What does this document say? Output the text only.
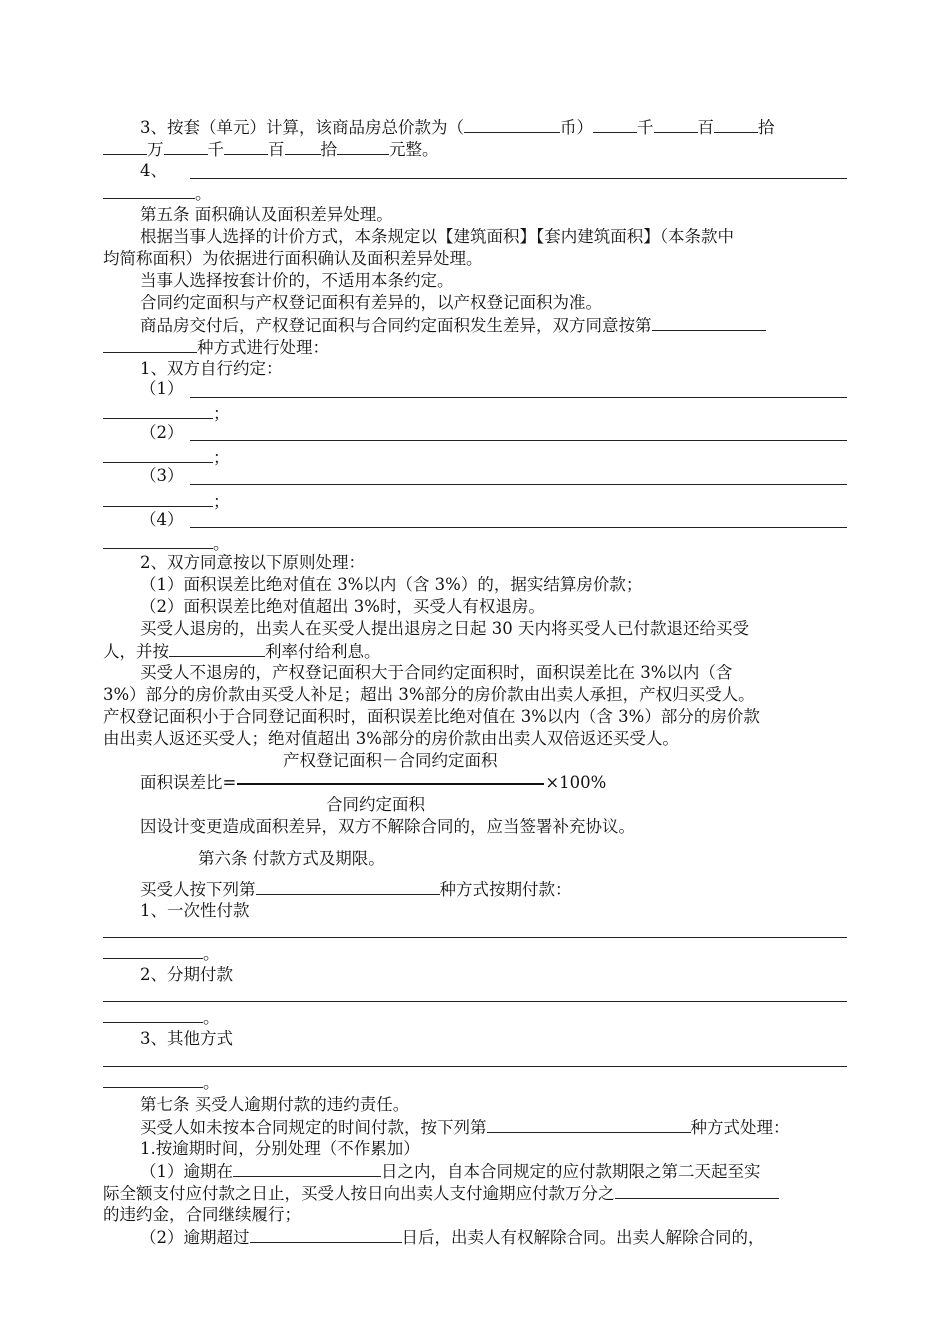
3、按套（单元）计算，该商品房总价款为（	币）	千	百	拾
万	千	百 拾	元整。
4、
。
第五条 面积确认及面积差异处理。
根据当事人选择的计价方式，本条规定以【建筑面积】【套内建筑面积】（本条款中
均简称面积）为依据进行面积确认及面积差异处理。
当事人选择按套计价的，不适用本条约定。
合同约定面积与产权登记面积有差异的，以产权登记面积为准。
商品房交付后，产权登记面积与合同约定面积发生差异，双方同意按第
种方式进行处理：
1、双方自行约定：
（1）
；
（2）
；
（3）
；
（4）
。
2、双方同意按以下原则处理：
（1）面积误差比绝对值在 3%以内（含 3%）的，据实结算房价款；
（2）面积误差比绝对值超出 3%时，买受人有权退房。
买受人退房的，出卖人在买受人提出退房之日起 30 天内将买受人已付款退还给买受
人，并按	利率付给利息。
买受人不退房的，产权登记面积大于合同约定面积时，面积误差比在 3%以内（含
3%）部分的房价款由买受人补足；超出 3%部分的房价款由出卖人承担，产权归买受人。
产权登记面积小于合同登记面积时，面积误差比绝对值在 3%以内（含 3%）部分的房价款
由出卖人返还买受人；绝对值超出 3%部分的房价款由出卖人双倍返还买受人。
产权登记面积－合同约定面积
面积误差比=	×100%
合同约定面积
因设计变更造成面积差异，双方不解除合同的，应当签署补充协议。
第六条 付款方式及期限。
买受人按下列第	种方式按期付款：
1、一次性付款
。
2、分期付款
。
3、其他方式
。
第七条 买受人逾期付款的违约责任。
买受人如未按本合同规定的时间付款，按下列第	种方式处理：
1.按逾期时间，分别处理（不作累加）
（1）逾期在	日之内，自本合同规定的应付款期限之第二天起至实
际全额支付应付款之日止，买受人按日向出卖人支付逾期应付款万分之
的违约金，合同继续履行；
（2）逾期超过	日后，出卖人有权解除合同。出卖人解除合同的，
